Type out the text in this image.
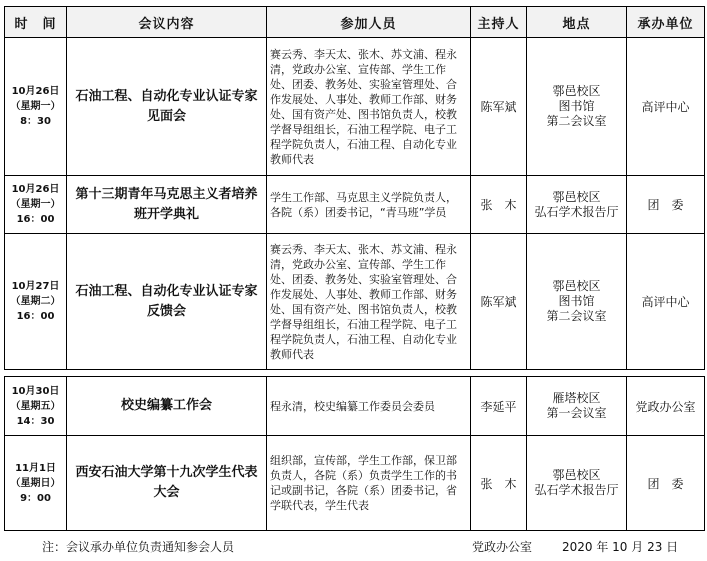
时　间	会议内容	参加人员	主持人	地点	承办单位

10月26日
（星期一）
8：30	石油工程、自动化专业认证专家见面会	赛云秀、李天太、张木、苏文浦、程永清，党政办公室、宣传部、学生工作处、团委、教务处、实验室管理处、合作发展处、人事处、教师工作部、财务处、国有资产处、图书馆负责人，校教学督导组组长，石油工程学院、电子工程学院负责人，石油工程、自动化专业教师代表	陈军斌	鄠邑校区
图书馆
第二会议室	高评中心

10月26日
（星期一）
16：00	第十三期青年马克思主义者培养班开学典礼	学生工作部、马克思主义学院负责人，各院（系）团委书记，“青马班”学员	张　木	鄠邑校区
弘石学术报告厅	团　委

10月27日
（星期二）
16：00	石油工程、自动化专业认证专家反馈会	赛云秀、李天太、张木、苏文浦、程永清，党政办公室、宣传部、学生工作处、团委、教务处、实验室管理处、合作发展处、人事处、教师工作部、财务处、国有资产处、图书馆负责人，校教学督导组组长，石油工程学院、电子工程学院负责人，石油工程、自动化专业教师代表	陈军斌	鄠邑校区
图书馆
第二会议室	高评中心
10月30日
（星期五）
14：30	校史编纂工作会	程永清，校史编纂工作委员会委员	李延平	雁塔校区
第一会议室	党政办公室

11月1日
（星期日）
9：00	西安石油大学第十九次学生代表大会	组织部，宣传部，学生工作部，保卫部负责人，各院（系）负责学生工作的书记或副书记，各院（系）团委书记，省学联代表，学生代表	张　木	鄠邑校区
弘石学术报告厅	团　委
注：会议承办单位负责通知参会人员	党政办公室 2020 年 10 月 23 日
